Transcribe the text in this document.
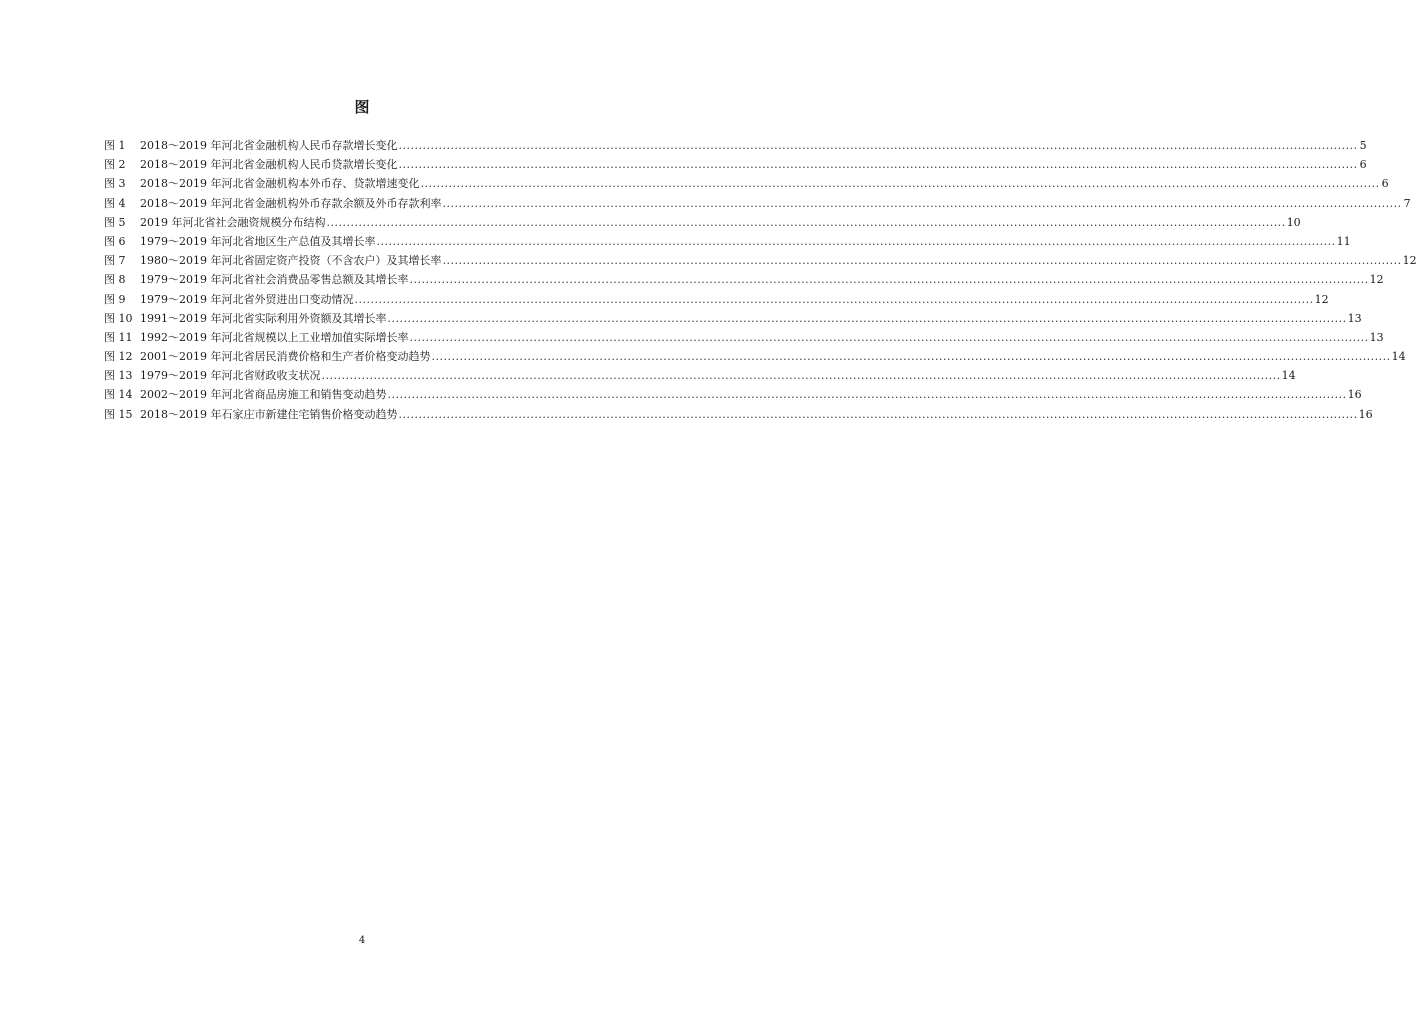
图
图 1	2018～2019 年河北省金融机构人民币存款增长变化 .....	5
图 2	2018～2019 年河北省金融机构人民币贷款增长变化 .....	6
图 3	2018～2019 年河北省金融机构本外币存、贷款增速变化 .....	6
图 4	2018～2019 年河北省金融机构外币存款余额及外币存款利率 .....	7
图 5	2019 年河北省社会融资规模分布结构 .....	10
图 6	1979～2019 年河北省地区生产总值及其增长率 .....	11
图 7	1980～2019 年河北省固定资产投资（不含农户）及其增长率 .....	12
图 8	1979～2019 年河北省社会消费品零售总额及其增长率 .....	12
图 9	1979～2019 年河北省外贸进出口变动情况 .....	12
图 10 1991～2019 年河北省实际利用外资额及其增长率 .....	13
图 11 1992～2019 年河北省规模以上工业增加值实际增长率 .....	13
图 12 2001～2019 年河北省居民消费价格和生产者价格变动趋势 .....	14
图 13 1979～2019 年河北省财政收支状况 .....	14
图 14 2002～2019 年河北省商品房施工和销售变动趋势 .....	16
图 15 2018～2019 年石家庄市新建住宅销售价格变动趋势 .....	16
4
